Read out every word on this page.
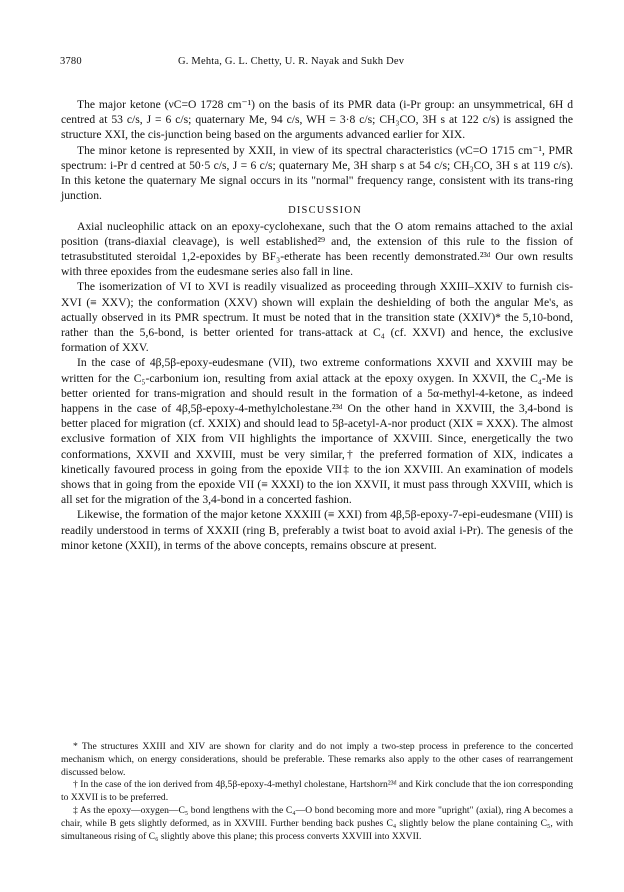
3780	G. Mehta, G. L. Chetty, U. R. Nayak and Sukh Dev

The major ketone (νC=O 1728 cm⁻¹) on the basis of its PMR data (i-Pr group: an unsymmetrical, 6H d centred at 53 c/s, J = 6 c/s; quaternary Me, 94 c/s, WH = 3·8 c/s; CH₃CO, 3H s at 122 c/s) is assigned the structure XXI, the cis-junction being based on the arguments advanced earlier for XIX.

The minor ketone is represented by XXII, in view of its spectral characteristics (νC=O 1715 cm⁻¹, PMR spectrum: i-Pr d centred at 50·5 c/s, J = 6 c/s; quaternary Me, 3H sharp s at 54 c/s; CH₃CO, 3H s at 119 c/s). In this ketone the quaternary Me signal occurs in its "normal" frequency range, consistent with its trans-ring junction.

DISCUSSION

Axial nucleophilic attack on an epoxy-cyclohexane, such that the O atom remains attached to the axial position (trans-diaxial cleavage), is well established²⁹ and, the extension of this rule to the fission of tetrasubstituted steroidal 1,2-epoxides by BF₃-etherate has been recently demonstrated.²³ᵈ Our own results with three epoxides from the eudesmane series also fall in line.

The isomerization of VI to XVI is readily visualized as proceeding through XXIII–XXIV to furnish cis-XVI (≡ XXV); the conformation (XXV) shown will explain the deshielding of both the angular Me's, as actually observed in its PMR spectrum. It must be noted that in the transition state (XXIV)* the 5,10-bond, rather than the 5,6-bond, is better oriented for trans-attack at C₄ (cf. XXVI) and hence, the exclusive formation of XXV.

In the case of 4β,5β-epoxy-eudesmane (VII), two extreme conformations XXVII and XXVIII may be written for the C₅-carbonium ion, resulting from axial attack at the epoxy oxygen. In XXVII, the C₄-Me is better oriented for trans-migration and should result in the formation of a 5α-methyl-4-ketone, as indeed happens in the case of 4β,5β-epoxy-4-methylcholestane.²³ᵈ On the other hand in XXVIII, the 3,4-bond is better placed for migration (cf. XXIX) and should lead to 5β-acetyl-A-nor product (XIX ≡ XXX). The almost exclusive formation of XIX from VII highlights the importance of XXVIII. Since, energetically the two conformations, XXVII and XXVIII, must be very similar,† the preferred formation of XIX, indicates a kinetically favoured process in going from the epoxide VII‡ to the ion XXVIII. An examination of models shows that in going from the epoxide VII (≡ XXXI) to the ion XXVII, it must pass through XXVIII, which is all set for the migration of the 3,4-bond in a concerted fashion.

Likewise, the formation of the major ketone XXXIII (≡ XXI) from 4β,5β-epoxy-7-epi-eudesmane (VIII) is readily understood in terms of XXXII (ring B, preferably a twist boat to avoid axial i-Pr). The genesis of the minor ketone (XXII), in terms of the above concepts, remains obscure at present.

* The structures XXIII and XIV are shown for clarity and do not imply a two-step process in preference to the concerted mechanism which, on energy considerations, should be preferable. These remarks also apply to the other cases of rearrangement discussed below.

† In the case of the ion derived from 4β,5β-epoxy-4-methyl cholestane, Hartshorn²³ᵈ and Kirk conclude that the ion corresponding to XXVII is to be preferred.

‡ As the epoxy—oxygen—C₅ bond lengthens with the C₄—O bond becoming more and more "upright" (axial), ring A becomes a chair, while B gets slightly deformed, as in XXVIII. Further bending back pushes C₄ slightly below the plane containing C₅, with simultaneous rising of C₆ slightly above this plane; this process converts XXVIII into XXVII.
